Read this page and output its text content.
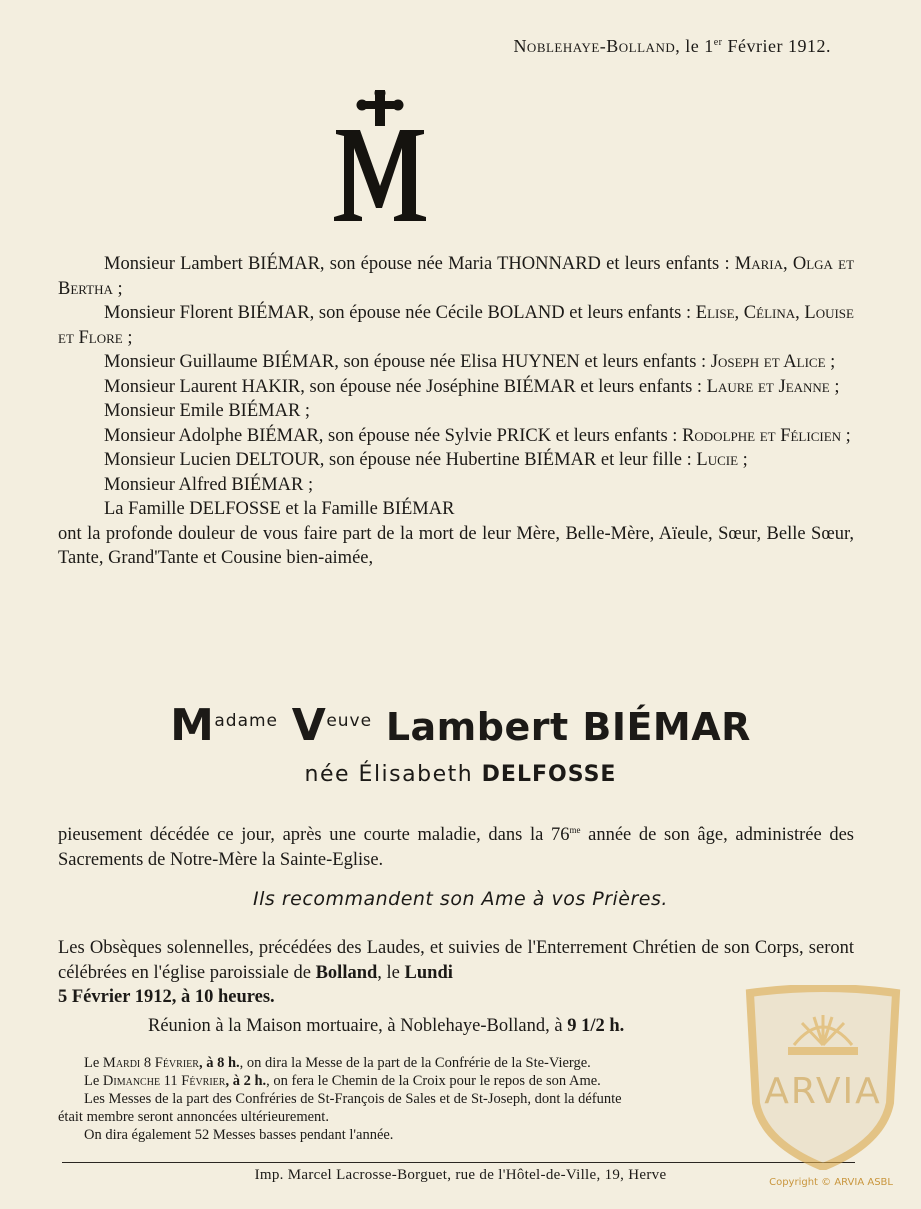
Noblehaye-Bolland, le 1er Février 1912.

Monsieur Lambert BIÉMAR, son épouse née Maria THONNARD et leurs enfants : Maria, Olga et Bertha ;

Monsieur Florent BIÉMAR, son épouse née Cécile BOLAND et leurs enfants : Elise, Célina, Louise et Flore ;

Monsieur Guillaume BIÉMAR, son épouse née Elisa HUYNEN et leurs enfants : Joseph et Alice ;

Monsieur Laurent HAKIR, son épouse née Joséphine BIÉMAR et leurs enfants : Laure et Jeanne ;

Monsieur Emile BIÉMAR ;

Monsieur Adolphe BIÉMAR, son épouse née Sylvie PRICK et leurs enfants : Rodolphe et Félicien ;

Monsieur Lucien DELTOUR, son épouse née Hubertine BIÉMAR et leur fille : Lucie ;

Monsieur Alfred BIÉMAR ;

La Famille DELFOSSE et la Famille BIÉMAR

ont la profonde douleur de vous faire part de la mort de leur Mère, Belle-Mère, Aïeule, Sœur, Belle Sœur, Tante, Grand'Tante et Cousine bien-aimée,

$M^{adame}$ $V^{euve}$ Lambert BIÉMAR
née Élisabeth DELFOSSE

pieusement décédée ce jour, après une courte maladie, dans la $76^{me}$ année de son âge, administrée des Sacrements de Notre-Mère la Sainte-Eglise.

Ils recommandent son Ame à vos Prières.

Les Obsèques solennelles, précédées des Laudes, et suivies de l'Enterrement Chrétien de son Corps, seront célébrées en l'église paroissiale de Bolland, le Lundi
5 Février 1912, à 10 heures.

Réunion à la Maison mortuaire, à Noblehaye-Bolland, à 9 1/2 h.

Le Mardi 8 Février, à 8 h., on dira la Messe de la part de la Confrérie de la Ste-Vierge.

Le Dimanche 11 Février, à 2 h., on fera le Chemin de la Croix pour le repos de son Ame.

Les Messes de la part des Confréries de St-François de Sales et de St-Joseph, dont la défunte

était membre seront annoncées ultérieurement.

On dira également 52 Messes basses pendant l'année.

Imp. Marcel Lacrosse-Borguet, rue de l'Hôtel-de-Ville, 19, Herve
ARVIA
Copyright © ARVIA ASBL
